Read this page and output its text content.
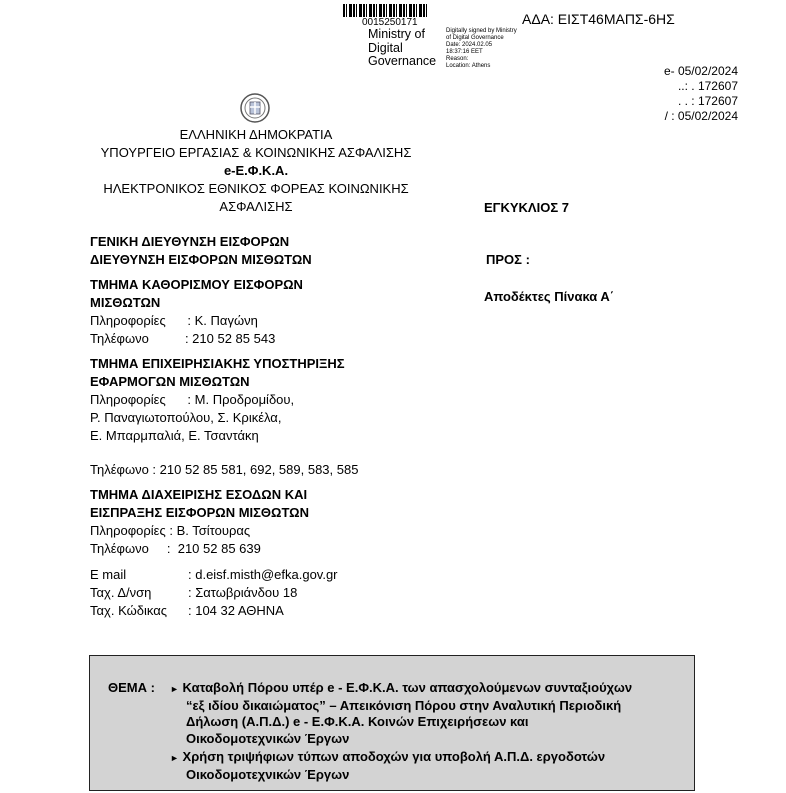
0015250171
Ministry of
Digital
Governance
Digitally signed by Ministry
of Digital Governance
Date: 2024.02.05
18:37:16 EET
Reason:
Location: Athens
ΑΔΑ: ΕΙΣΤ46ΜΑΠΣ-6ΗΣ
e- 05/02/2024
..: . 172607
. . : 172607
/ : 05/02/2024
ΕΛΛΗΝΙΚΗ ΔΗΜΟΚΡΑΤΙΑ
ΥΠΟΥΡΓΕΙΟ ΕΡΓΑΣΙΑΣ & ΚΟΙΝΩΝΙΚΗΣ ΑΣΦΑΛΙΣΗΣ
e-Ε.Φ.Κ.Α.
ΗΛΕΚΤΡΟΝΙΚΟΣ ΕΘΝΙΚΟΣ ΦΟΡΕΑΣ ΚΟΙΝΩΝΙΚΗΣ
ΑΣΦΑΛΙΣΗΣ	ΕΓΚΥΚΛΙΟΣ 7
ΠΡΟΣ :
Αποδέκτες Πίνακα Α΄
ΓΕΝΙΚΗ ΔΙΕΥΘΥΝΣΗ ΕΙΣΦΟΡΩΝ
ΔΙΕΥΘΥΝΣΗ ΕΙΣΦΟΡΩΝ ΜΙΣΘΩΤΩΝ
ΤΜΗΜΑ ΚΑΘΟΡΙΣΜΟΥ ΕΙΣΦΟΡΩΝ
ΜΙΣΘΩΤΩΝ
Πληροφορίες      : Κ. Παγώνη
Τηλέφωνο          : 210 52 85 543
ΤΜΗΜΑ ΕΠΙΧΕΙΡΗΣΙΑΚΗΣ ΥΠΟΣΤΗΡΙΞΗΣ
ΕΦΑΡΜΟΓΩΝ ΜΙΣΘΩΤΩΝ
Πληροφορίες      : Μ. Προδρομίδου,
Ρ. Παναγιωτοπούλου, Σ. Κρικέλα,
Ε. Μπαρμπαλιά, Ε. Τσαντάκη
Τηλέφωνο : 210 52 85 581, 692, 589, 583, 585
ΤΜΗΜΑ ΔΙΑΧΕΙΡΙΣΗΣ ΕΣΟΔΩΝ ΚΑΙ
ΕΙΣΠΡΑΞΗΣ ΕΙΣΦΟΡΩΝ ΜΙΣΘΩΤΩΝ
Πληροφορίες : Β. Τσίτουρας
Τηλέφωνο     :  210 52 85 639
E mail	: d.eisf.misth@efka.gov.gr
Ταχ. Δ/νση	: Σατωβριάνδου 18
Ταχ. Κώδικας	: 104 32 ΑΘΗΝΑ
ΘΕΜΑ : ► Καταβολή Πόρου υπέρ e - Ε.Φ.Κ.Α. των απασχολούμενων συνταξιούχων
“εξ ιδίου δικαιώματος” – Απεικόνιση Πόρου στην Αναλυτική Περιοδική
Δήλωση (Α.Π.Δ.) e - Ε.Φ.Κ.Α. Κοινών Επιχειρήσεων και
Οικοδομοτεχνικών Έργων
► Χρήση τριψήφιων τύπων αποδοχών για υποβολή Α.Π.Δ. εργοδοτών
Οικοδομοτεχνικών Έργων
